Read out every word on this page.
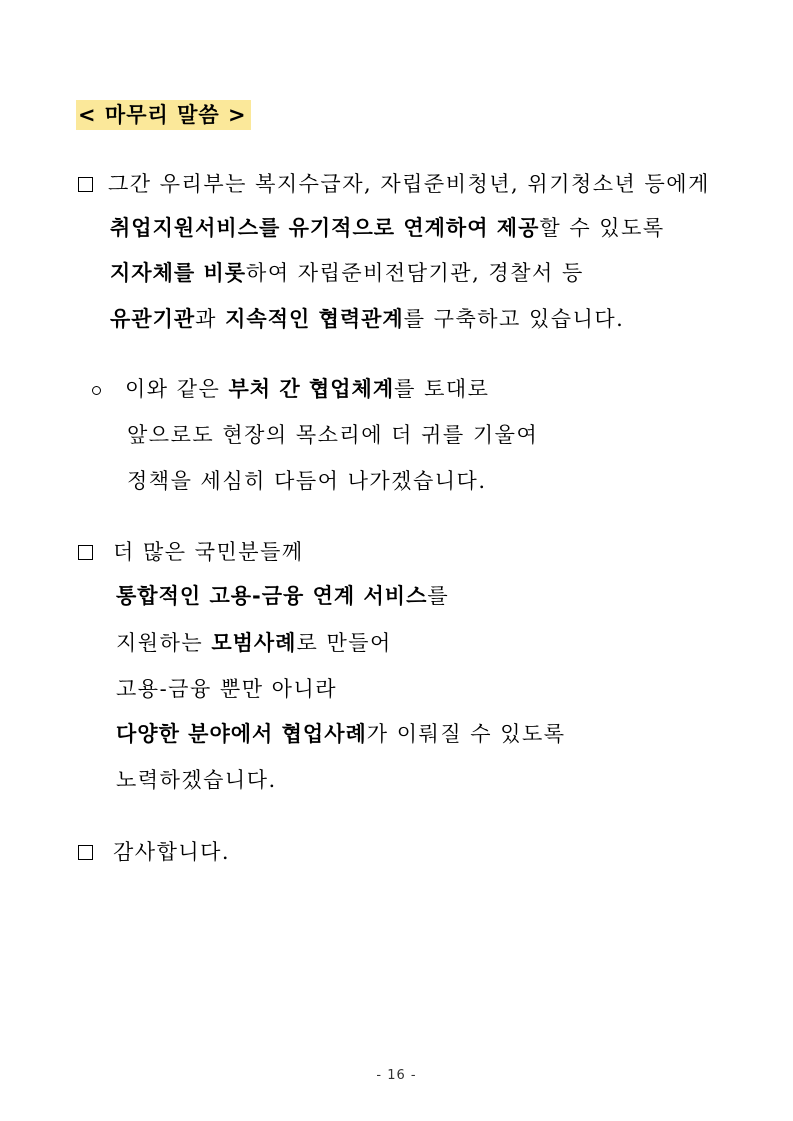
< 마무리 말씀 >
그간 우리부는 복지수급자, 자립준비청년, 위기청소년 등에게
취업지원서비스를 유기적으로 연계하여 제공할 수 있도록
지자체를 비롯하여 자립준비전담기관, 경찰서 등
유관기관과 지속적인 협력관계를 구축하고 있습니다.
이와 같은 부처 간 협업체계를 토대로
앞으로도 현장의 목소리에 더 귀를 기울여
정책을 세심히 다듬어 나가겠습니다.
더 많은 국민분들께
통합적인 고용-금융 연계 서비스를
지원하는 모범사례로 만들어
고용-금융 뿐만 아니라
다양한 분야에서 협업사례가 이뤄질 수 있도록
노력하겠습니다.
감사합니다.
- 16 -
